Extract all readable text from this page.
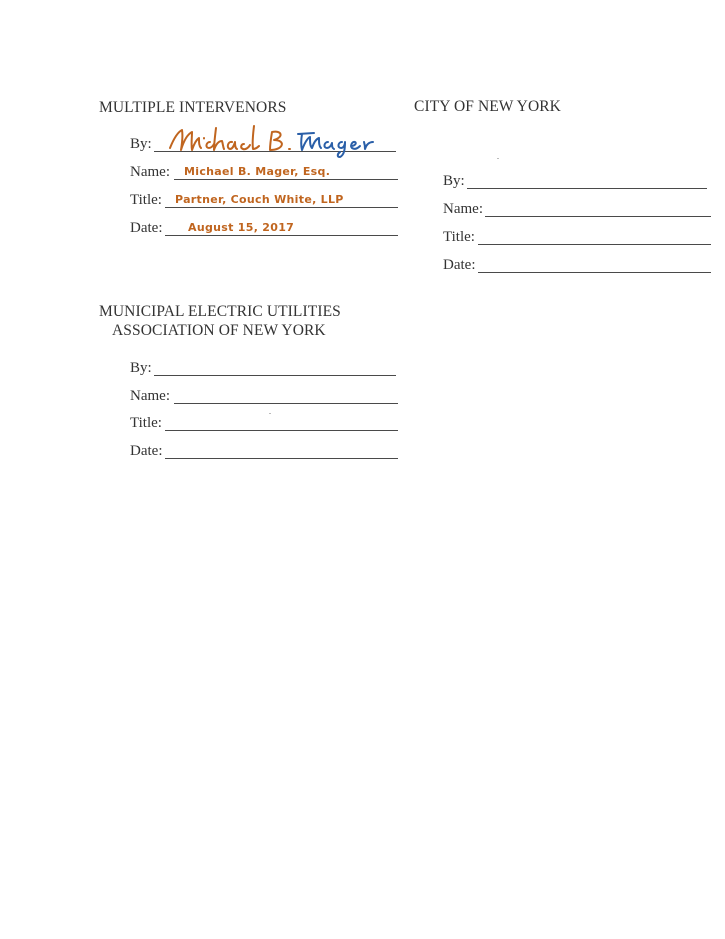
MULTIPLE INTERVENORS
By:
Name: Michael B. Mager, Esq.
Title: Partner, Couch White, LLP
Date: August 15, 2017
CITY OF NEW YORK
By:
Name:
Title:
Date:
MUNICIPAL ELECTRIC UTILITIES
ASSOCIATION OF NEW YORK
By:
Name:
Title:
Date:
